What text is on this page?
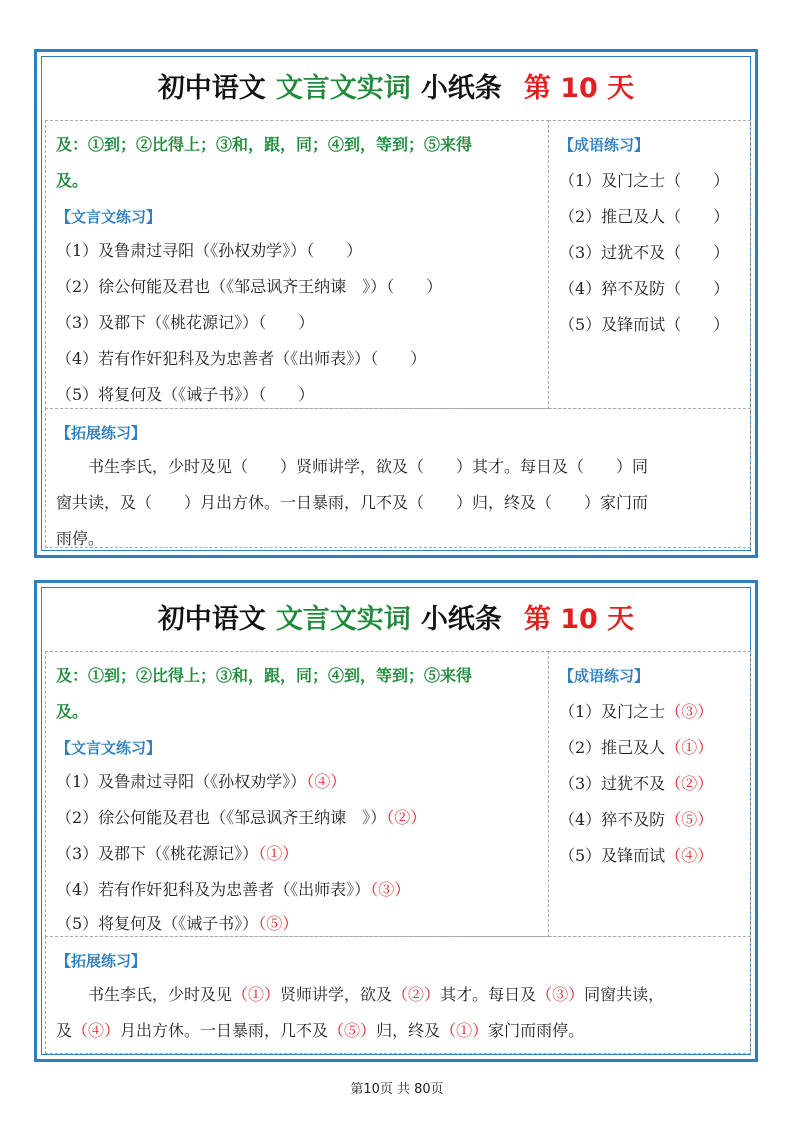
初中语文 文言文实词 小纸条 第 10 天
及：①到；②比得上；③和，跟，同；④到，等到；⑤来得
及。
【文言文练习】
（1）及鲁肃过寻阳（《孙权劝学》）（　　）
（2）徐公何能及君也（《邹忌讽齐王纳谏　》）（　　）
（3）及郡下（《桃花源记》）（　　）
（4）若有作奸犯科及为忠善者（《出师表》）（　　）
（5）将复何及（《诫子书》）（　　）
【成语练习】
（1）及门之士（　　）
（2）推己及人（　　）
（3）过犹不及（　　）
（4）猝不及防（　　）
（5）及锋而试（　　）
【拓展练习】
书生李氏，少时及见（　　）贤师讲学，欲及（　　）其才。每日及（　　）同
窗共读，及（　　）月出方休。一日暴雨，几不及（　　）归，终及（　　）家门而
雨停。
初中语文 文言文实词 小纸条 第 10 天
及：①到；②比得上；③和，跟，同；④到，等到；⑤来得
及。
【文言文练习】
（1）及鲁肃过寻阳（《孙权劝学》）（④）
（2）徐公何能及君也（《邹忌讽齐王纳谏　》）（②）
（3）及郡下（《桃花源记》）（①）
（4）若有作奸犯科及为忠善者（《出师表》）（③）
（5）将复何及（《诫子书》）（⑤）
【成语练习】
（1）及门之士（③）
（2）推己及人（①）
（3）过犹不及（②）
（4）猝不及防（⑤）
（5）及锋而试（④）
【拓展练习】
书生李氏，少时及见（①）贤师讲学，欲及（②）其才。每日及（③）同窗共读，
及（④）月出方休。一日暴雨，几不及（⑤）归，终及（①）家门而雨停。
第10页 共 80页
